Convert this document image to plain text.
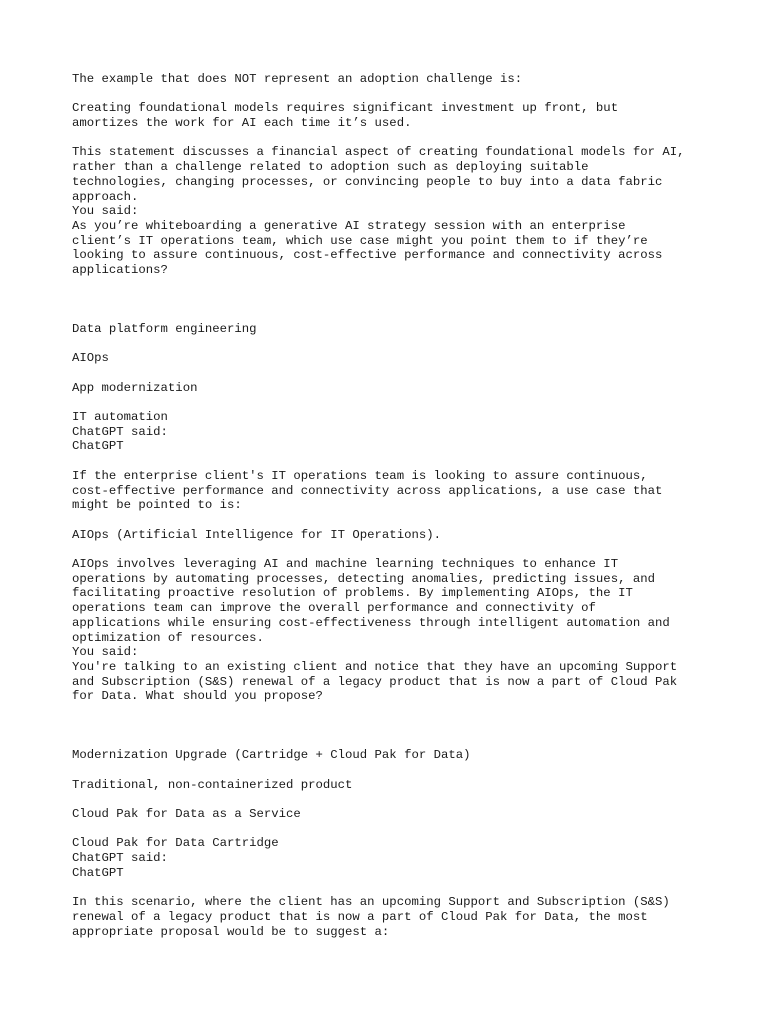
The example that does NOT represent an adoption challenge is:
Creating foundational models requires significant investment up front, but
amortizes the work for AI each time it’s used.
This statement discusses a financial aspect of creating foundational models for AI,
rather than a challenge related to adoption such as deploying suitable
technologies, changing processes, or convincing people to buy into a data fabric
approach.
You said:
As you’re whiteboarding a generative AI strategy session with an enterprise
client’s IT operations team, which use case might you point them to if they’re
looking to assure continuous, cost-effective performance and connectivity across
applications?
Data platform engineering
AIOps
App modernization
IT automation
ChatGPT said:
ChatGPT
If the enterprise client's IT operations team is looking to assure continuous,
cost-effective performance and connectivity across applications, a use case that
might be pointed to is:
AIOps (Artificial Intelligence for IT Operations).
AIOps involves leveraging AI and machine learning techniques to enhance IT
operations by automating processes, detecting anomalies, predicting issues, and
facilitating proactive resolution of problems. By implementing AIOps, the IT
operations team can improve the overall performance and connectivity of
applications while ensuring cost-effectiveness through intelligent automation and
optimization of resources.
You said:
You're talking to an existing client and notice that they have an upcoming Support
and Subscription (S&S) renewal of a legacy product that is now a part of Cloud Pak
for Data. What should you propose?
Modernization Upgrade (Cartridge + Cloud Pak for Data)
Traditional, non-containerized product
Cloud Pak for Data as a Service
Cloud Pak for Data Cartridge
ChatGPT said:
ChatGPT
In this scenario, where the client has an upcoming Support and Subscription (S&S)
renewal of a legacy product that is now a part of Cloud Pak for Data, the most
appropriate proposal would be to suggest a:
